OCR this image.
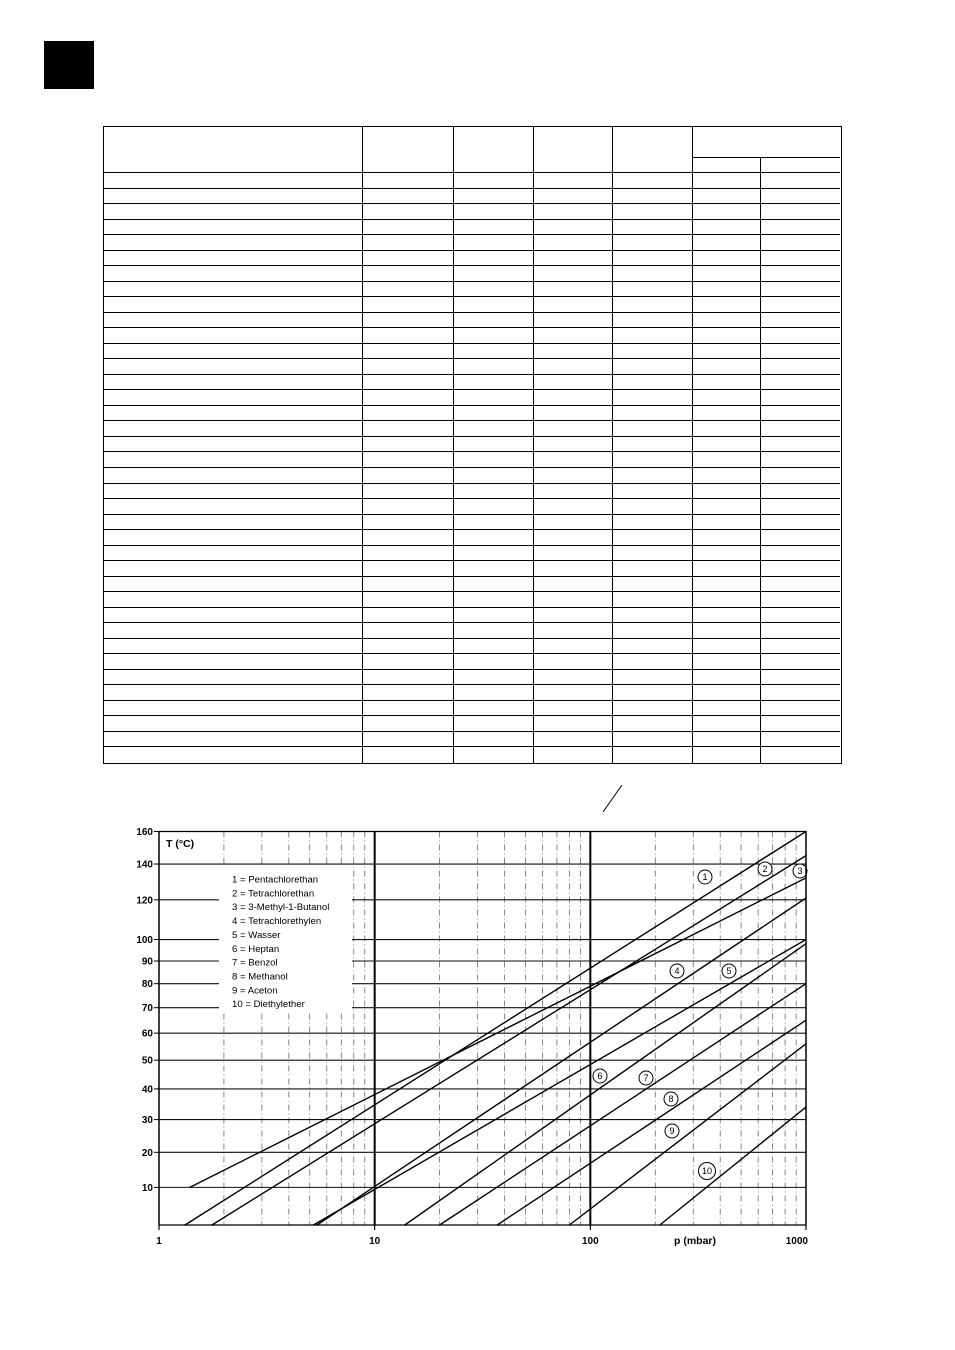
1 = Pentachlorethan
2 = Tetrachlorethan
3 = 3-Methyl-1-Butanol
4 = Tetrachlorethylen
5 = Wasser
6 = Heptan
7 = Benzol
8 = Methanol
9 = Aceton
10 = Diethylether
1
2	3
4	5
6	7
8
9
10
10
20
30
40
50
60
70
80
90
100
120
140
160
1	10	100	1000
T (°C)
p (mbar)
